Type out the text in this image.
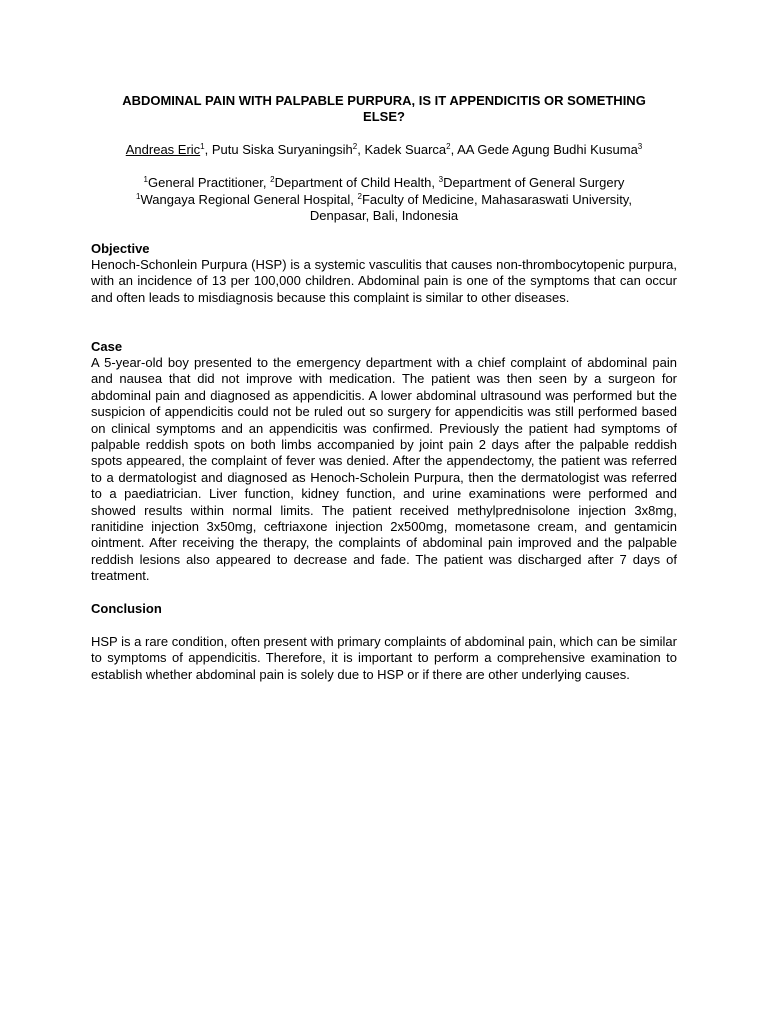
ABDOMINAL PAIN WITH PALPABLE PURPURA, IS IT APPENDICITIS OR SOMETHING
ELSE?
Andreas Eric$^1$, Putu Siska Suryaningsih$^2$, Kadek Suarca$^2$, AA Gede Agung Budhi Kusuma$^3$
$^1$General Practitioner, $^2$Department of Child Health, $^3$Department of General Surgery
$^1$Wangaya Regional General Hospital, $^2$Faculty of Medicine, Mahasaraswati University,
Denpasar, Bali, Indonesia
Objective
Henoch-Schonlein Purpura (HSP) is a systemic vasculitis that causes non-thrombocytopenic purpura, with an incidence of 13 per 100,000 children. Abdominal pain is one of the symptoms that can occur and often leads to misdiagnosis because this complaint is similar to other diseases.
Case
A 5-year-old boy presented to the emergency department with a chief complaint of abdominal pain and nausea that did not improve with medication. The patient was then seen by a surgeon for abdominal pain and diagnosed as appendicitis. A lower abdominal ultrasound was performed but the suspicion of appendicitis could not be ruled out so surgery for appendicitis was still performed based on clinical symptoms and an appendicitis was confirmed. Previously the patient had symptoms of palpable reddish spots on both limbs accompanied by joint pain 2 days after the palpable reddish spots appeared, the complaint of fever was denied. After the appendectomy, the patient was referred to a dermatologist and diagnosed as Henoch-Scholein Purpura, then the dermatologist was referred to a paediatrician. Liver function, kidney function, and urine examinations were performed and showed results within normal limits. The patient received methylprednisolone injection 3x8mg, ranitidine injection 3x50mg, ceftriaxone injection 2x500mg, mometasone cream, and gentamicin ointment. After receiving the therapy, the complaints of abdominal pain improved and the palpable reddish lesions also appeared to decrease and fade. The patient was discharged after 7 days of treatment.
Conclusion
HSP is a rare condition, often present with primary complaints of abdominal pain, which can be similar to symptoms of appendicitis. Therefore, it is important to perform a comprehensive examination to establish whether abdominal pain is solely due to HSP or if there are other underlying causes.
